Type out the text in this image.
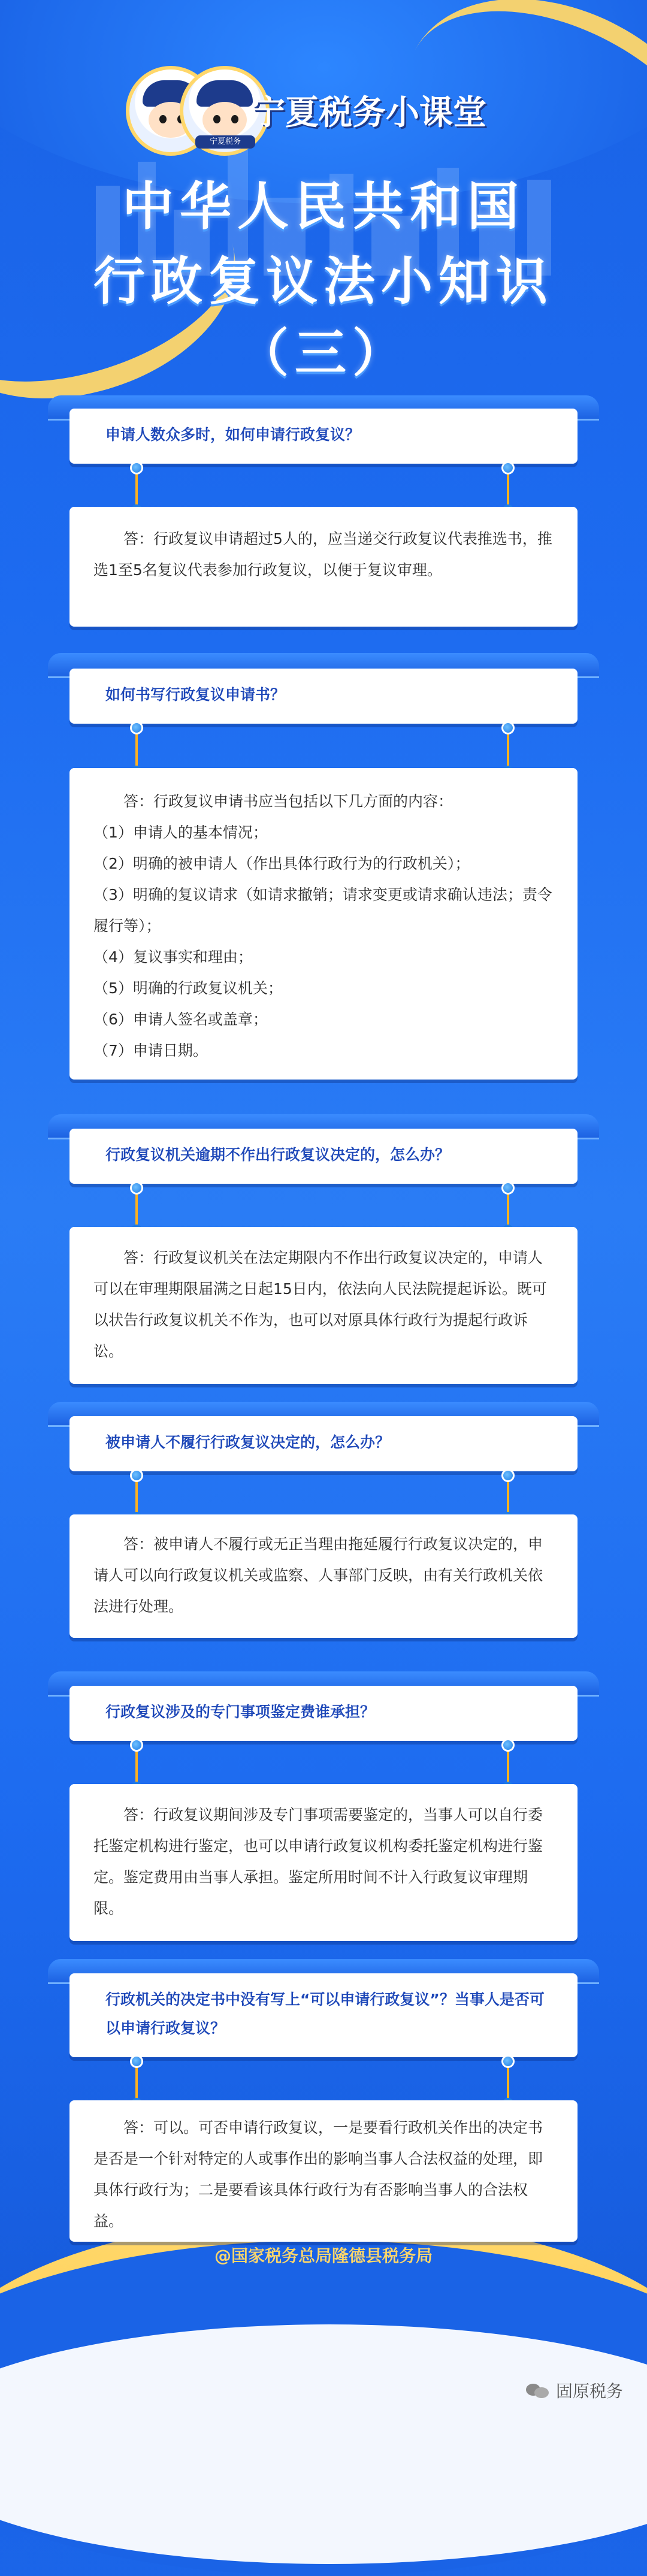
宁夏税务
宁夏税务小课堂
中华人民共和国
行政复议法小知识
（三）
申请人数众多时，如何申请行政复议？
　　答：行政复议申请超过5人的，应当递交行政复议代表推选书，推选1至5名复议代表参加行政复议，以便于复议审理。
如何书写行政复议申请书？
　　答：行政复议申请书应当包括以下几方面的内容：
（1）申请人的基本情况；
（2）明确的被申请人（作出具体行政行为的行政机关）；
（3）明确的复议请求（如请求撤销；请求变更或请求确认违法；责令履行等）；
（4）复议事实和理由；
（5）明确的行政复议机关；
（6）申请人签名或盖章；
（7）申请日期。
行政复议机关逾期不作出行政复议决定的，怎么办？
　　答：行政复议机关在法定期限内不作出行政复议决定的，申请人可以在审理期限届满之日起15日内，依法向人民法院提起诉讼。既可以状告行政复议机关不作为，也可以对原具体行政行为提起行政诉讼。
被申请人不履行行政复议决定的，怎么办？
　　答：被申请人不履行或无正当理由拖延履行行政复议决定的，申请人可以向行政复议机关或监察、人事部门反映，由有关行政机关依法进行处理。
行政复议涉及的专门事项鉴定费谁承担？
　　答：行政复议期间涉及专门事项需要鉴定的，当事人可以自行委托鉴定机构进行鉴定，也可以申请行政复议机构委托鉴定机构进行鉴定。鉴定费用由当事人承担。鉴定所用时间不计入行政复议审理期限。
行政机关的决定书中没有写上“可以申请行政复议”？当事人是否可以申请行政复议？
　　答：可以。可否申请行政复议，一是要看行政机关作出的决定书是否是一个针对特定的人或事作出的影响当事人合法权益的处理，即具体行政行为；二是要看该具体行政行为有否影响当事人的合法权益。
@国家税务总局隆德县税务局
固原税务
